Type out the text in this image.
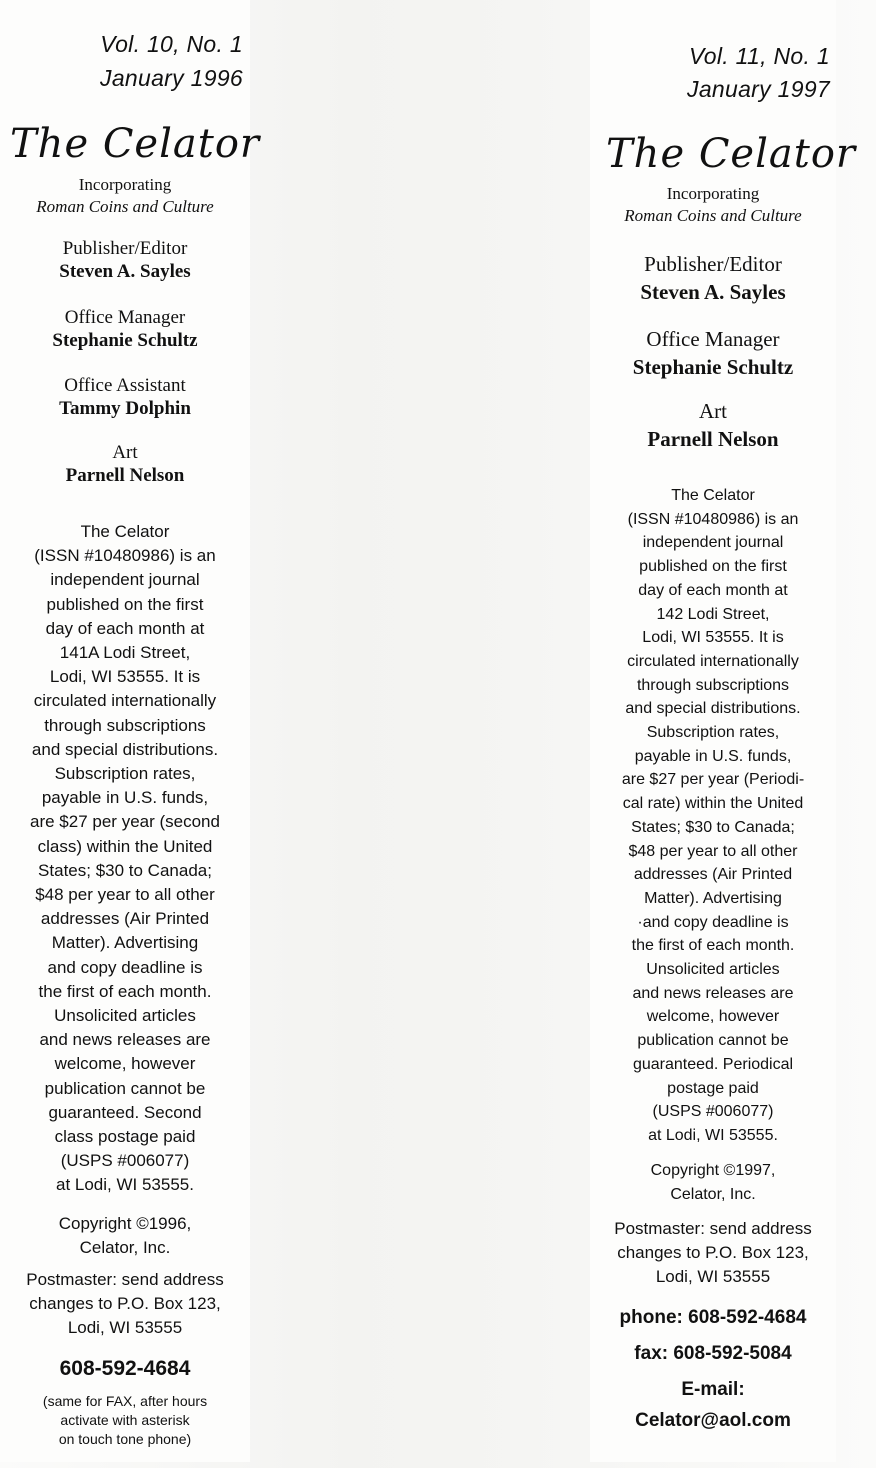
Vol. 10, No. 1
January 1996
The Celator
Incorporating
Roman Coins and Culture
Publisher/Editor
Steven A. Sayles
Office Manager
Stephanie Schultz
Office Assistant
Tammy Dolphin
Art
Parnell Nelson
The Celator
(ISSN #10480986) is an
independent journal
published on the first
day of each month at
141A Lodi Street,
Lodi, WI 53555. It is
circulated internationally
through subscriptions
and special distributions.
Subscription rates,
payable in U.S. funds,
are $27 per year (second
class) within the United
States; $30 to Canada;
$48 per year to all other
addresses (Air Printed
Matter). Advertising
and copy deadline is
the first of each month.
Unsolicited articles
and news releases are
welcome, however
publication cannot be
guaranteed. Second
class postage paid
(USPS #006077)
at Lodi, WI 53555.
Copyright ©1996,
Celator, Inc.
Postmaster: send address
changes to P.O. Box 123,
Lodi, WI 53555
608-592-4684
(same for FAX, after hours
activate with asterisk
on touch tone phone)
Vol. 11, No. 1
January 1997
The Celator
Incorporating
Roman Coins and Culture
Publisher/Editor
Steven A. Sayles
Office Manager
Stephanie Schultz
Art
Parnell Nelson
The Celator
(ISSN #10480986) is an
independent journal
published on the first
day of each month at
142 Lodi Street,
Lodi, WI 53555. It is
circulated internationally
through subscriptions
and special distributions.
Subscription rates,
payable in U.S. funds,
are $27 per year (Periodi-
cal rate) within the United
States; $30 to Canada;
$48 per year to all other
addresses (Air Printed
Matter). Advertising
·and copy deadline is
the first of each month.
Unsolicited articles
and news releases are
welcome, however
publication cannot be
guaranteed. Periodical
postage paid
(USPS #006077)
at Lodi, WI 53555.
Copyright ©1997,
Celator, Inc.
Postmaster: send address
changes to P.O. Box 123,
Lodi, WI 53555
phone: 608-592-4684
fax: 608-592-5084
E-mail:
Celator@aol.com
